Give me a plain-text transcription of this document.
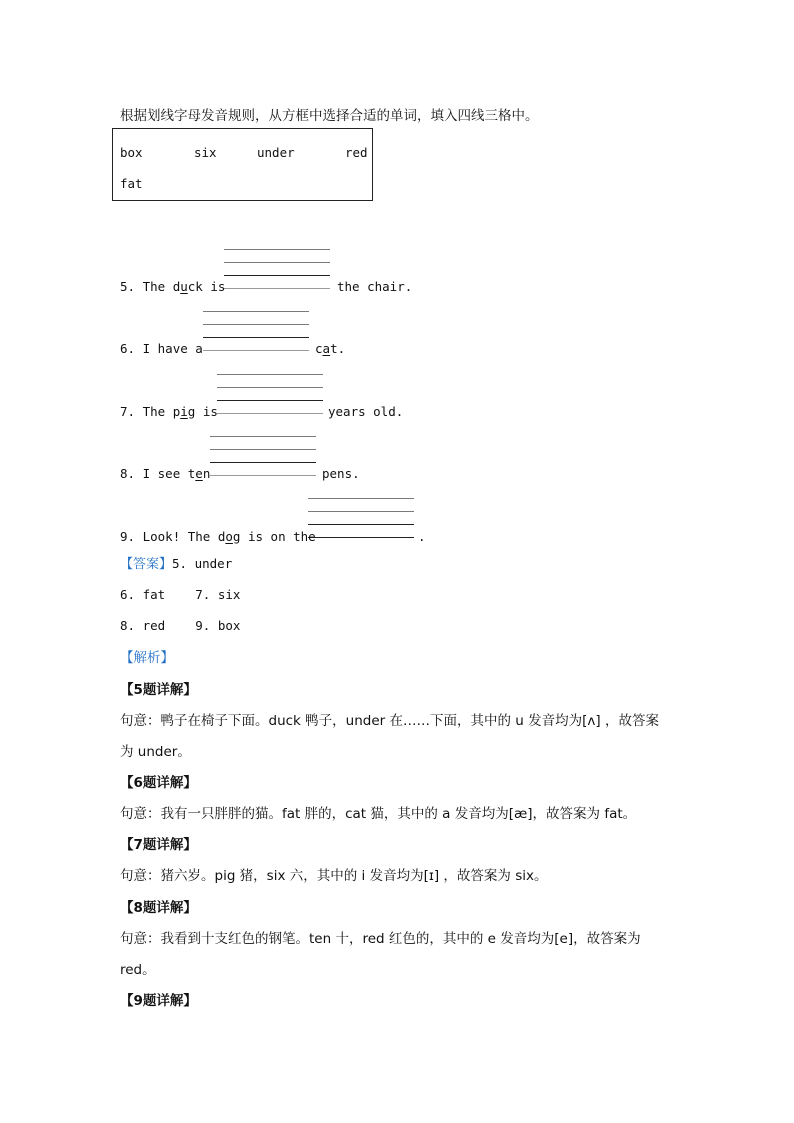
根据划线字母发音规则，从方框中选择合适的单词，填入四线三格中。
box	six	under	red
fat
5. The duck is	the chair.
6. I have a	cat.
7. The pig is	years old.
8. I see ten	pens.
9. Look! The dog is on the	.
【答案】5. under
6. fat    7. six
8. red    9. box
【解析】
【5题详解】
句意：鸭子在椅子下面。duck 鸭子，under 在……下面，其中的 u 发音均为[ʌ] ，故答案
为 under。
【6题详解】
句意：我有一只胖胖的猫。fat 胖的，cat 猫，其中的 a 发音均为[æ]，故答案为 fat。
【7题详解】
句意：猪六岁。pig 猪，six 六，其中的 i 发音均为[ɪ] ，故答案为 six。
【8题详解】
句意：我看到十支红色的钢笔。ten 十，red 红色的，其中的 e 发音均为[e]，故答案为
red。
【9题详解】
